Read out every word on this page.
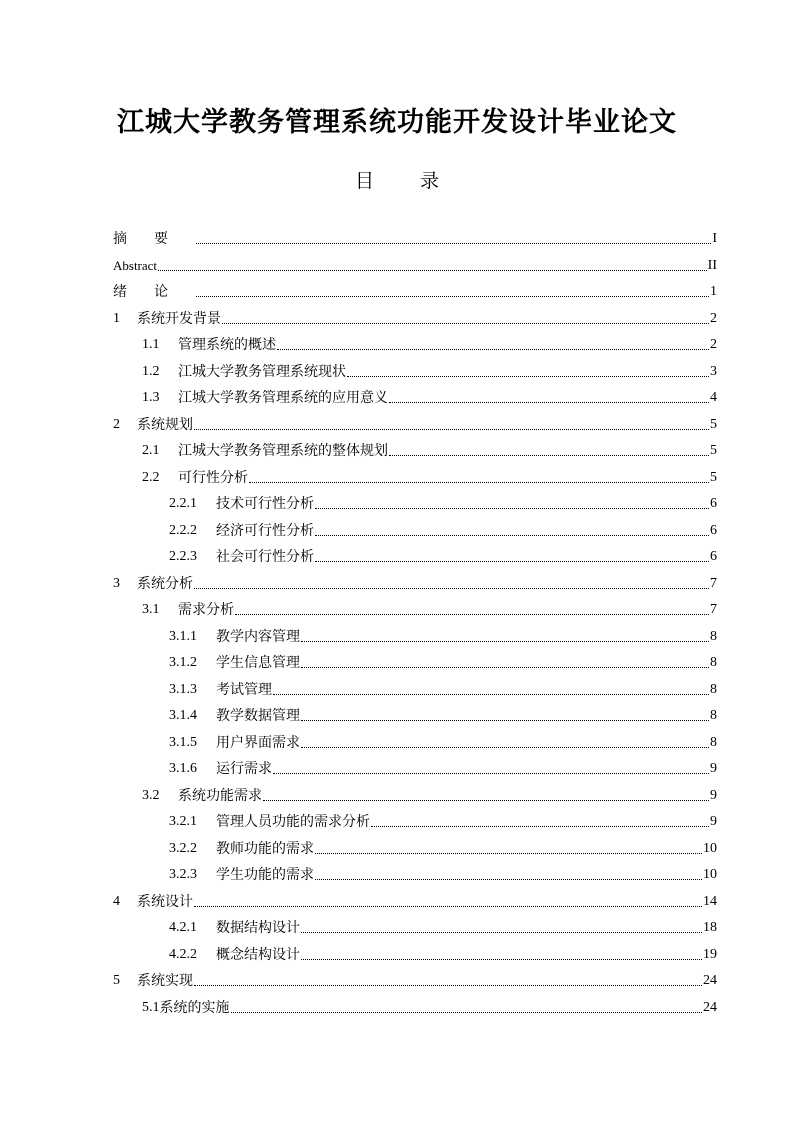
江城大学教务管理系统功能开发设计毕业论文
目 录
摘要	I
Abstract	II
绪论	1
1	系统开发背景	2
1.1	管理系统的概述	2
1.2	江城大学教务管理系统现状	3
1.3	江城大学教务管理系统的应用意义	4
2	系统规划	5
2.1	江城大学教务管理系统的整体规划	5
2.2	可行性分析	5
2.2.1	技术可行性分析	6
2.2.2	经济可行性分析	6
2.2.3	社会可行性分析	6
3	系统分析	7
3.1	需求分析	7
3.1.1	教学内容管理	8
3.1.2	学生信息管理	8
3.1.3	考试管理	8
3.1.4	教学数据管理	8
3.1.5	用户界面需求	8
3.1.6	运行需求	9
3.2	系统功能需求	9
3.2.1	管理人员功能的需求分析	9
3.2.2	教师功能的需求	10
3.2.3	学生功能的需求	10
4	系统设计	14
4.2.1	数据结构设计	18
4.2.2	概念结构设计	19
5	系统实现	24
5.1 系统的实施	24
